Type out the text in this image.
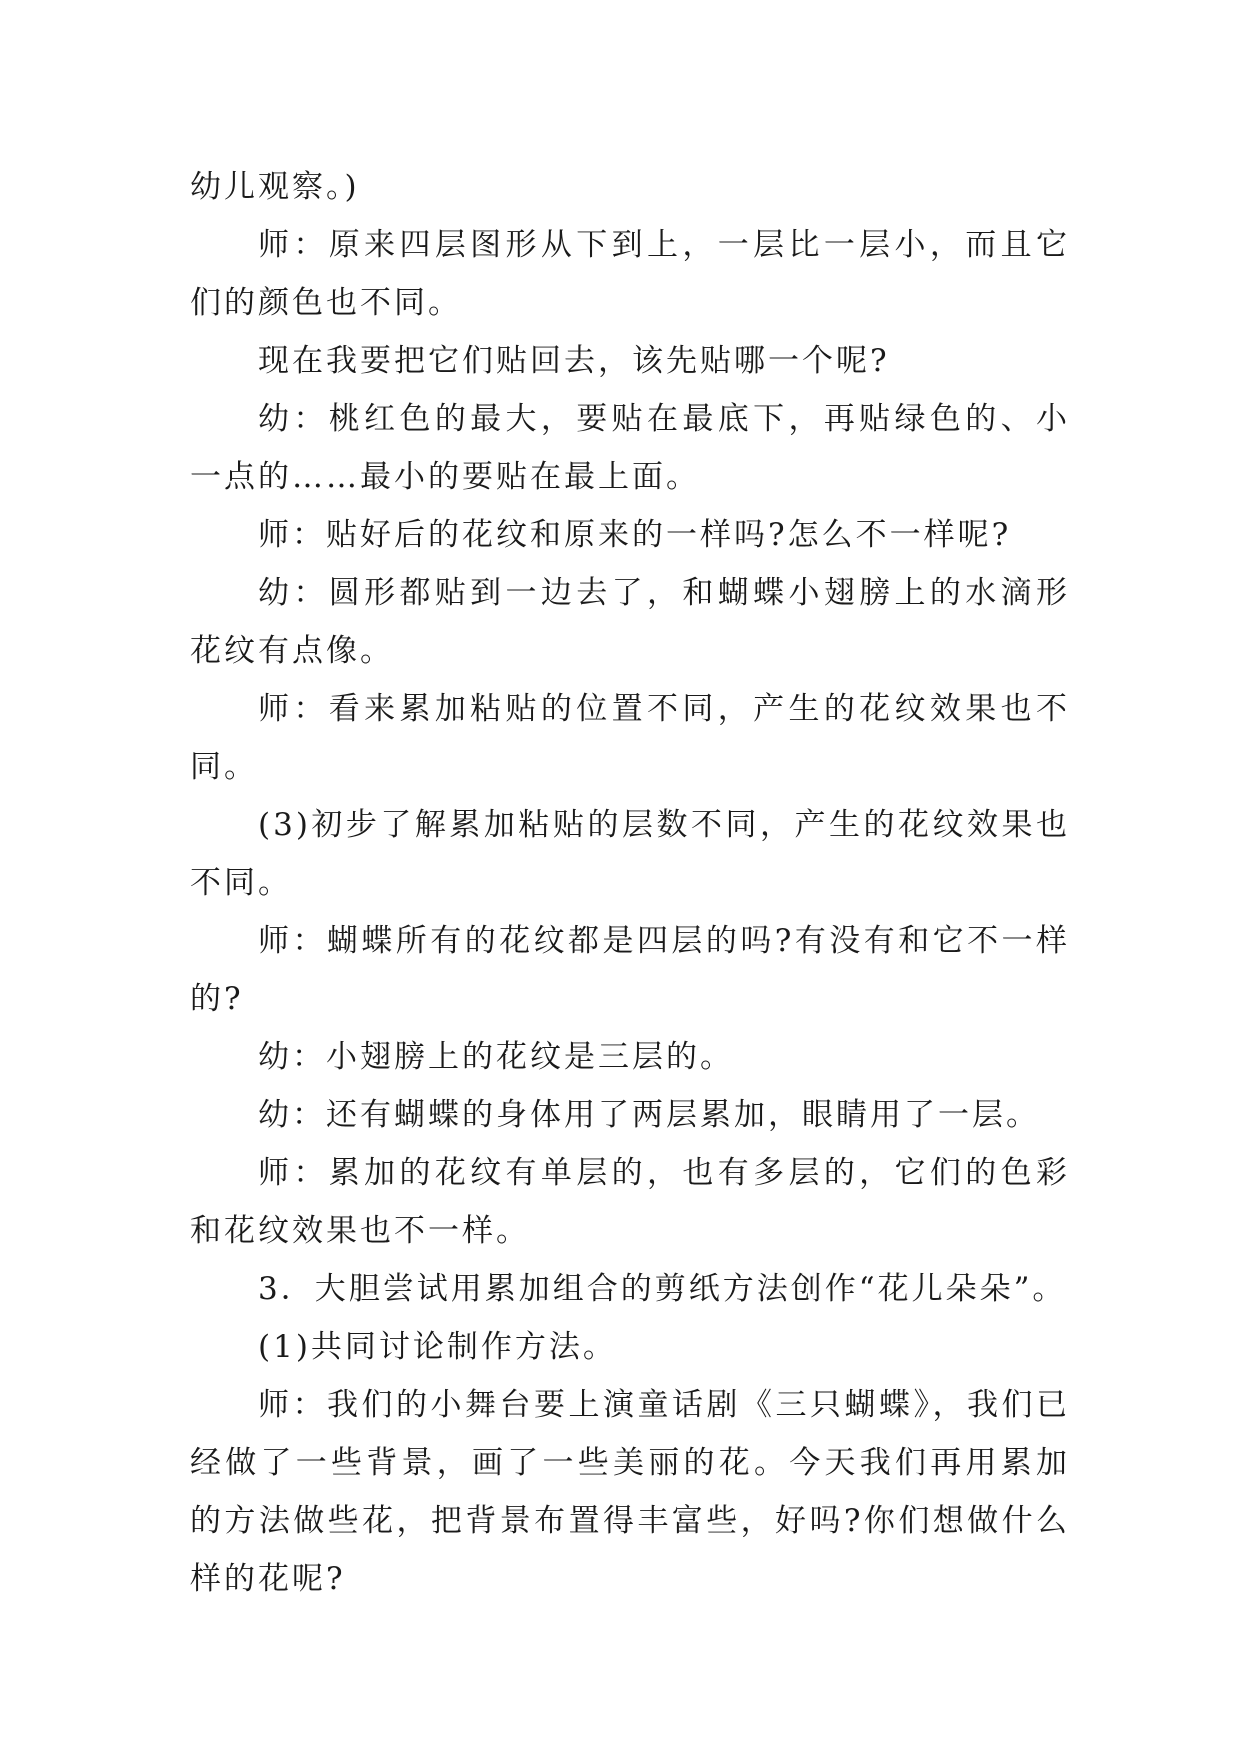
幼儿观察。)

师：原来四层图形从下到上，一层比一层小，而且它们的颜色也不同。

现在我要把它们贴回去，该先贴哪一个呢?

幼：桃红色的最大，要贴在最底下，再贴绿色的、小一点的……最小的要贴在最上面。

师：贴好后的花纹和原来的一样吗?怎么不一样呢?

幼：圆形都贴到一边去了，和蝴蝶小翅膀上的水滴形花纹有点像。

师：看来累加粘贴的位置不同，产生的花纹效果也不同。

(3)初步了解累加粘贴的层数不同，产生的花纹效果也不同。

师：蝴蝶所有的花纹都是四层的吗?有没有和它不一样的?

幼：小翅膀上的花纹是三层的。

幼：还有蝴蝶的身体用了两层累加，眼睛用了一层。

师：累加的花纹有单层的，也有多层的，它们的色彩和花纹效果也不一样。

3．大胆尝试用累加组合的剪纸方法创作“花儿朵朵”。

(1)共同讨论制作方法。

师：我们的小舞台要上演童话剧《三只蝴蝶》，我们已经做了一些背景，画了一些美丽的花。今天我们再用累加的方法做些花，把背景布置得丰富些，好吗?你们想做什么样的花呢?
